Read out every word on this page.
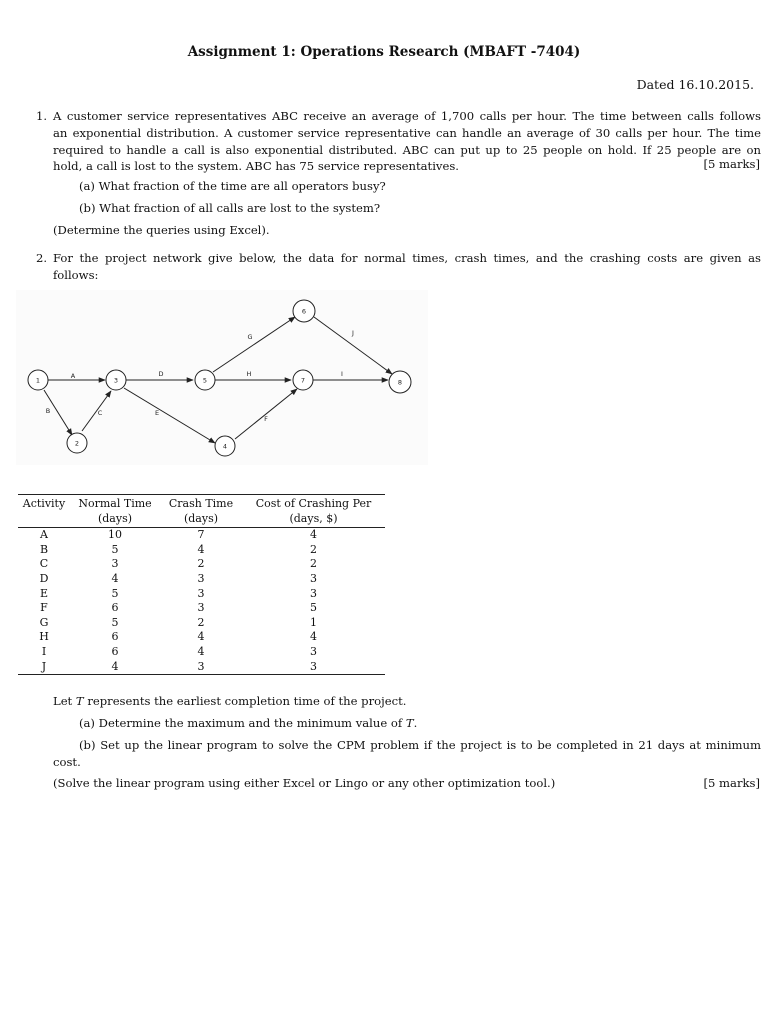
Assignment 1: Operations Research (MBAFT -7404)
Dated 16.10.2015.
1. A customer service representatives ABC receive an average of 1,700 calls per hour. The time between calls follows
an exponential distribution. A customer service representative can handle an average of 30 calls per hour. The time
required to handle a call is also exponential distributed. ABC can put up to 25 people on hold. If 25 people are on
hold, a call is lost to the system. ABC has 75 service representatives.	[5 marks]
(a) What fraction of the time are all operators busy?
(b) What fraction of all calls are lost to the system?
(Determine the queries using Excel).
2. For the project network give below, the data for normal times, crash times, and the crashing costs are given as
follows:
1
2
3
4
5
6
7	8
A
B	C
D
E
F
G
H	I
J
Activity	Normal Time	Crash Time	Cost of Crashing Per
	(days)	(days)	(days, $)
A	10	7	4
B	5	4	2
C	3	2	2
D	4	3	3
E	5	3	3
F	6	3	5
G	5	2	1
H	6	4	4
I	6	4	3
J	4	3	3
Let T represents the earliest completion time of the project.
(a) Determine the maximum and the minimum value of T.
(b) Set up the linear program to solve the CPM problem if the project is to be completed in 21 days at minimum
cost.
(Solve the linear program using either Excel or Lingo or any other optimization tool.)	[5 marks]
